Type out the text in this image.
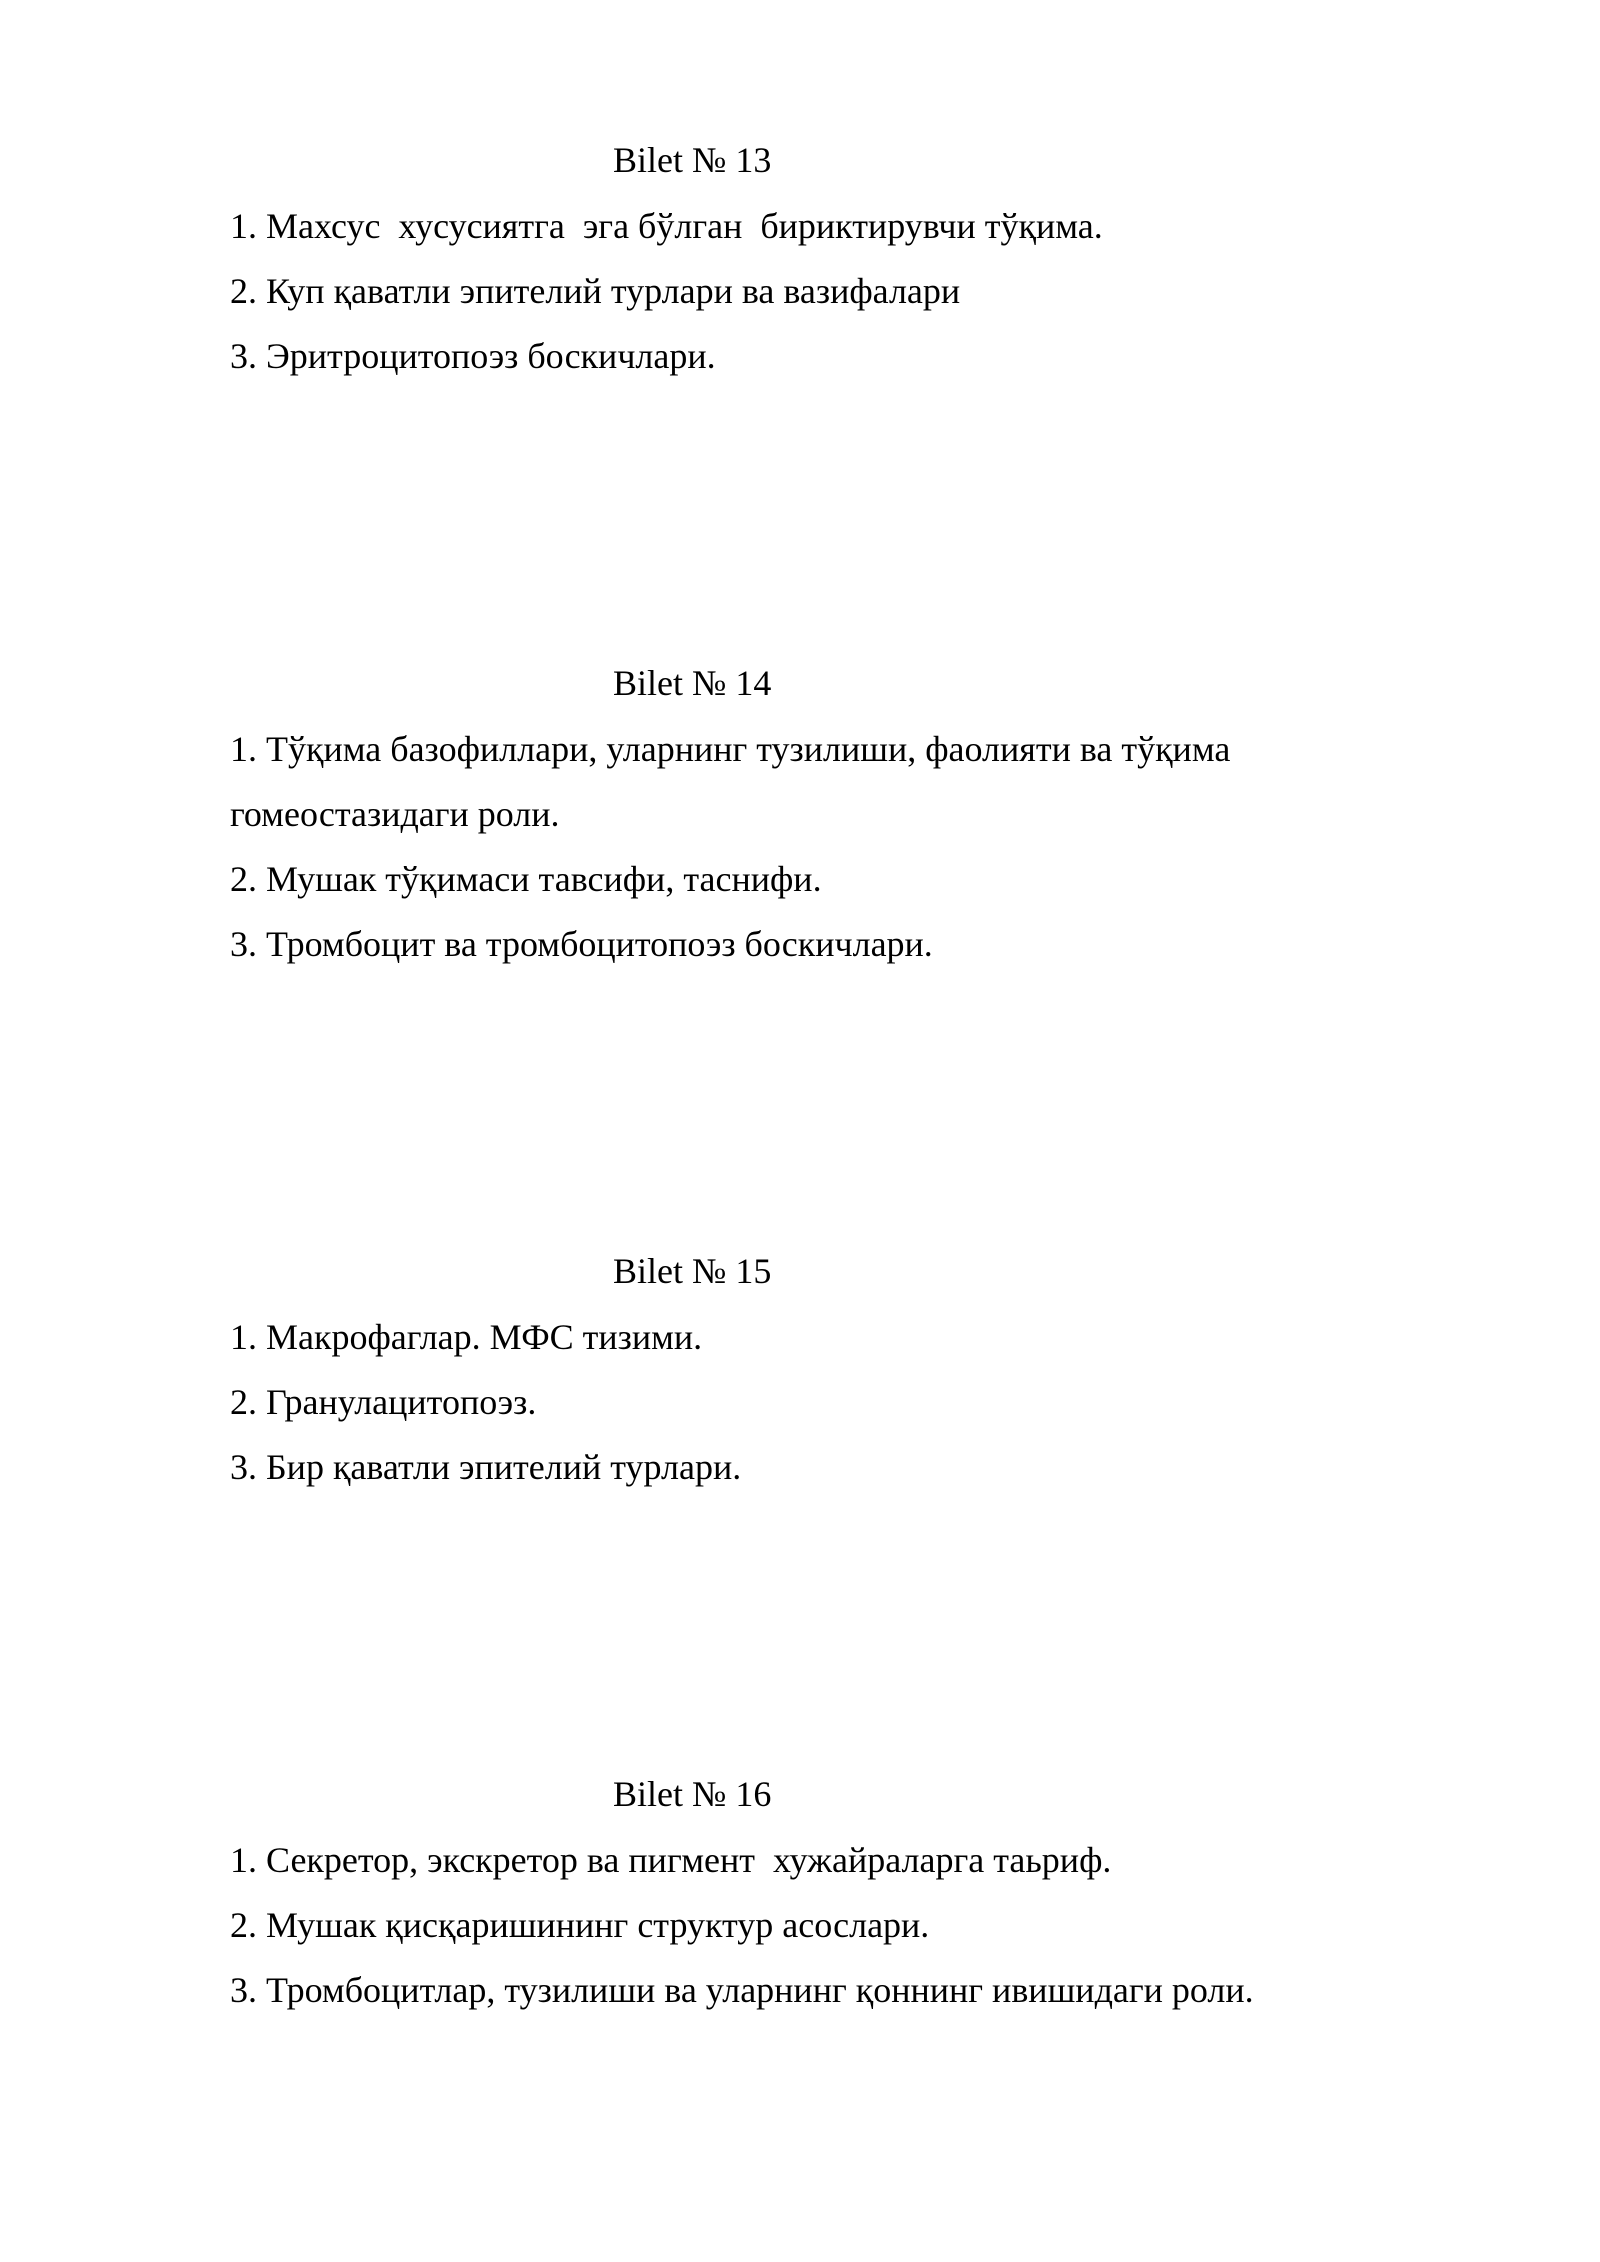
Bilet № 13
1. Махсус  хусусиятга  эга бўлган  бириктирувчи тўқима.
2. Куп қаватли эпителий турлари ва вазифалари
3. Эритроцитопоэз боскичлари.
Bilet № 14
1. Тўқима базофиллари, уларнинг тузилиши, фаолияти ва тўқима
гомеостазидаги роли.
2. Мушак тўқимаси тавсифи, таснифи.
3. Тромбоцит ва тромбоцитопоэз боскичлари.
Bilet № 15
1. Макрофаглар. МФС тизими.
2. Гранулацитопоэз.
3. Бир қаватли эпителий турлари.
Bilet № 16
1. Секретор, экскретор ва пигмент  хужайраларга таьриф.
2. Мушак қисқаришининг структур асослари.
3. Тромбоцитлар, тузилиши ва уларнинг қоннинг ивишидаги роли.
